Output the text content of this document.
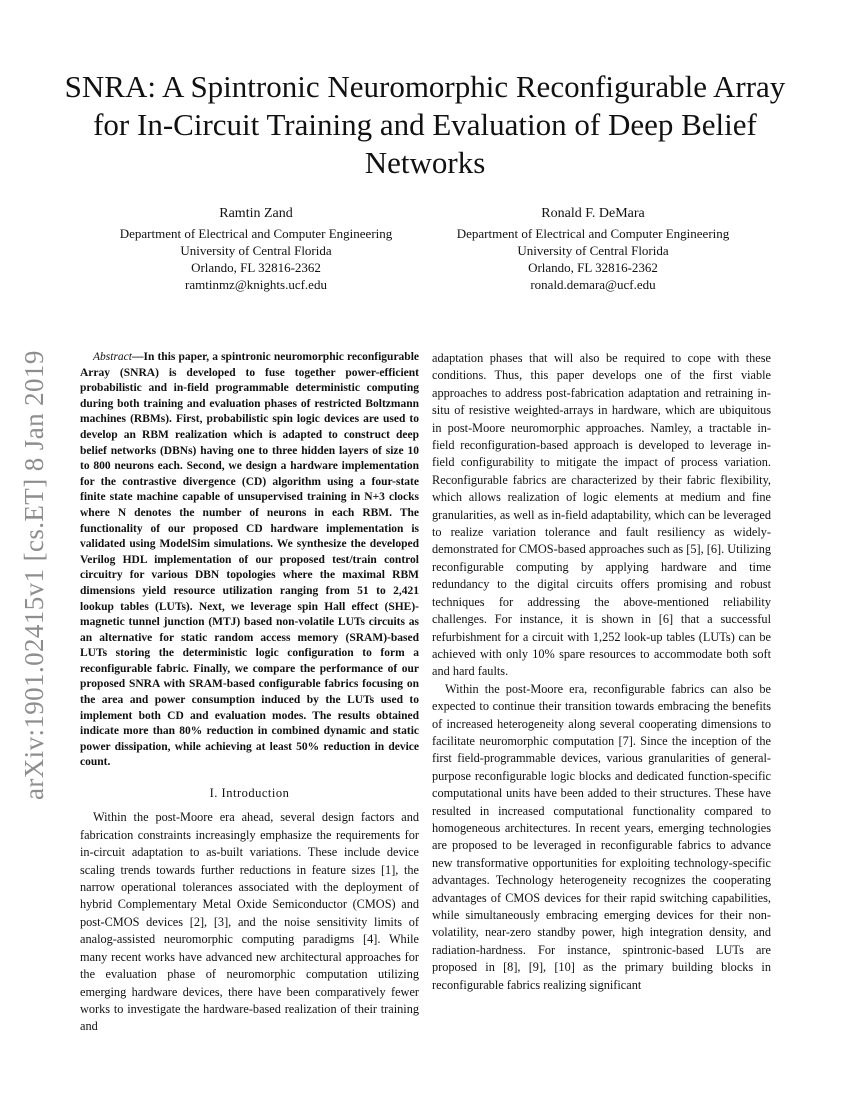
arXiv:1901.02415v1 [cs.ET] 8 Jan 2019
SNRA: A Spintronic Neuromorphic Reconfigurable Array for In-Circuit Training and Evaluation of Deep Belief Networks
Ramtin Zand
Department of Electrical and Computer Engineering
University of Central Florida
Orlando, FL 32816-2362
ramtinmz@knights.ucf.edu
Ronald F. DeMara
Department of Electrical and Computer Engineering
University of Central Florida
Orlando, FL 32816-2362
ronald.demara@ucf.edu

Abstract—In this paper, a spintronic neuromorphic reconfigurable Array (SNRA) is developed to fuse together power-efficient probabilistic and in-field programmable deterministic computing during both training and evaluation phases of restricted Boltzmann machines (RBMs). First, probabilistic spin logic devices are used to develop an RBM realization which is adapted to construct deep belief networks (DBNs) having one to three hidden layers of size 10 to 800 neurons each. Second, we design a hardware implementation for the contrastive divergence (CD) algorithm using a four-state finite state machine capable of unsupervised training in N+3 clocks where N denotes the number of neurons in each RBM. The functionality of our proposed CD hardware implementation is validated using ModelSim simulations. We synthesize the developed Verilog HDL implementation of our proposed test/train control circuitry for various DBN topologies where the maximal RBM dimensions yield resource utilization ranging from 51 to 2,421 lookup tables (LUTs). Next, we leverage spin Hall effect (SHE)-magnetic tunnel junction (MTJ) based non-volatile LUTs circuits as an alternative for static random access memory (SRAM)-based LUTs storing the deterministic logic configuration to form a reconfigurable fabric. Finally, we compare the performance of our proposed SNRA with SRAM-based configurable fabrics focusing on the area and power consumption induced by the LUTs used to implement both CD and evaluation modes. The results obtained indicate more than 80% reduction in combined dynamic and static power dissipation, while achieving at least 50% reduction in device count.

I. Introduction

Within the post-Moore era ahead, several design factors and fabrication constraints increasingly emphasize the requirements for in-circuit adaptation to as-built variations. These include device scaling trends towards further reductions in feature sizes [1], the narrow operational tolerances associated with the deployment of hybrid Complementary Metal Oxide Semiconductor (CMOS) and post-CMOS devices [2], [3], and the noise sensitivity limits of analog-assisted neuromorphic computing paradigms [4]. While many recent works have advanced new architectural approaches for the evaluation phase of neuromorphic computation utilizing emerging hardware devices, there have been comparatively fewer works to investigate the hardware-based realization of their training and

adaptation phases that will also be required to cope with these conditions. Thus, this paper develops one of the first viable approaches to address post-fabrication adaptation and retraining in-situ of resistive weighted-arrays in hardware, which are ubiquitous in post-Moore neuromorphic approaches. Namley, a tractable in-field reconfiguration-based approach is developed to leverage in-field configurability to mitigate the impact of process variation. Reconfigurable fabrics are characterized by their fabric flexibility, which allows realization of logic elements at medium and fine granularities, as well as in-field adaptability, which can be leveraged to realize variation tolerance and fault resiliency as widely-demonstrated for CMOS-based approaches such as [5], [6]. Utilizing reconfigurable computing by applying hardware and time redundancy to the digital circuits offers promising and robust techniques for addressing the above-mentioned reliability challenges. For instance, it is shown in [6] that a successful refurbishment for a circuit with 1,252 look-up tables (LUTs) can be achieved with only 10% spare resources to accommodate both soft and hard faults.

Within the post-Moore era, reconfigurable fabrics can also be expected to continue their transition towards embracing the benefits of increased heterogeneity along several cooperating dimensions to facilitate neuromorphic computation [7]. Since the inception of the first field-programmable devices, various granularities of general-purpose reconfigurable logic blocks and dedicated function-specific computational units have been added to their structures. These have resulted in increased computational functionality compared to homogeneous architectures. In recent years, emerging technologies are proposed to be leveraged in reconfigurable fabrics to advance new transformative opportunities for exploiting technology-specific advantages. Technology heterogeneity recognizes the cooperating advantages of CMOS devices for their rapid switching capabilities, while simultaneously embracing emerging devices for their non-volatility, near-zero standby power, high integration density, and radiation-hardness. For instance, spintronic-based LUTs are proposed in [8], [9], [10] as the primary building blocks in reconfigurable fabrics realizing significant
